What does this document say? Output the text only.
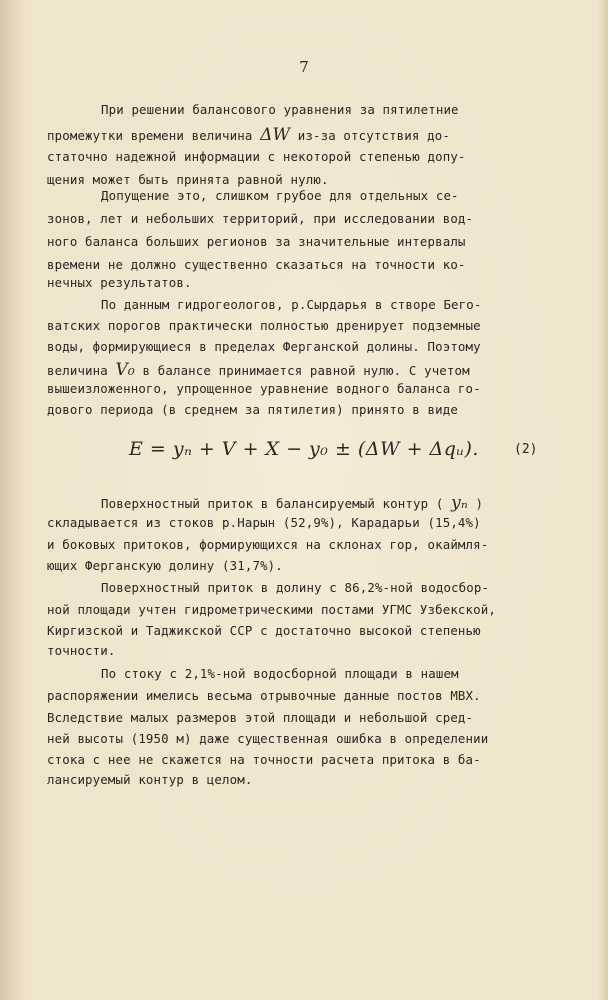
7
При решении балансового уравнения за пятилетние
промежутки времени величина ΔW из-за отсутствия до-
статочно надежной информации с некоторой степенью допу-
щения может быть принята равной нулю.
Допущение это, слишком грубое для отдельных се-
зонов, лет и небольших территорий, при исследовании вод-
ного баланса больших регионов за значительные интервалы
времени не должно существенно сказаться на точности ко-
нечных результатов.
По данным гидрогеологов, р.Сырдарья в створе Бего-
ватских порогов практически полностью дренирует подземные
воды, формирующиеся в пределах Ферганской долины. Поэтому
величина V₀ в балансе принимается равной нулю. С учетом
вышеизложенного, упрощенное уравнение водного баланса го-
дового периода (в среднем за пятилетия) принято в виде
E = yₙ + V + X − y₀ ± (ΔW + Δqᵤ).	(2)
Поверхностный приток в балансируемый контур ( yₙ )
складывается из стоков р.Нарын (52,9%), Карадарьи (15,4%)
и боковых притоков, формирующихся на склонах гор, окаймля-
ющих Ферганскую долину (31,7%).
Поверхностный приток в долину с 86,2%-ной водосбор-
ной площади учтен гидрометрическими постами УГМС Узбекской,
Киргизской и Таджикской ССР с достаточно высокой степенью
точности.
По стоку с 2,1%-ной водосборной площади в нашем
распоряжении имелись весьма отрывочные данные постов МВХ.
Вследствие малых размеров этой площади и небольшой сред-
ней высоты (1950 м) даже существенная ошибка в определении
стока с нее не скажется на точности расчета притока в ба-
лансируемый контур в целом.
